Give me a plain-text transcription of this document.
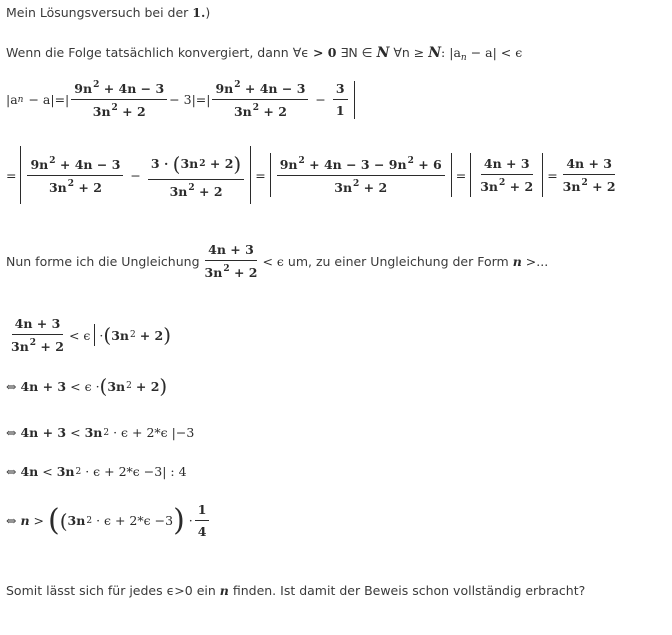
Mein Lösungsversuch bei der 1.)
Wenn die Folge tatsächlich konvergiert, dann ∀ϵ > 0 ∃N ∈ N ∀n ≥ N: $|a_n - a| < \epsilon$
|a n − a|=|
$9n^2 + 4n - 3$
$3n^2 + 2$
− 3|=|
$9n^2 + 4n - 3$
$3n^2 + 2$
−
3
1
=
$9n^2 + 4n - 3$
$3n^2 + 2$
−
3 ·
( 3n 2
+ 2 )
$3n^2 + 2$
=
$9n^2 + 4n - 3 - 9n^2 + 6$
$3n^2 + 2$
=
4n + 3
$3n^2 + 2$
= $\frac{4n + 3}{3n^2 + 2}$
Nun forme ich die Ungleichung
4n + 3
$3n^2 + 2$
< ϵ
um, zu einer Ungleichung der Form
n
>...
4n + 3
$3n^2 + 2$
< ϵ · ( 3n 2
+ 2 )
⇔
4n + 3
< ϵ
· ( 3n 2
+ 2 )
⇔
4n + 3
<
3n 2
· ϵ + 2*ϵ
|−3
⇔
4n
<
3n 2
· ϵ + 2*ϵ
−3| : 4
⇔
n
>
( ( 3n 2
· ϵ + 2*ϵ
−3 )
·
1
4
Somit lässt sich für jedes ϵ>0 ein n finden. Ist damit der Beweis schon vollständig erbracht?
